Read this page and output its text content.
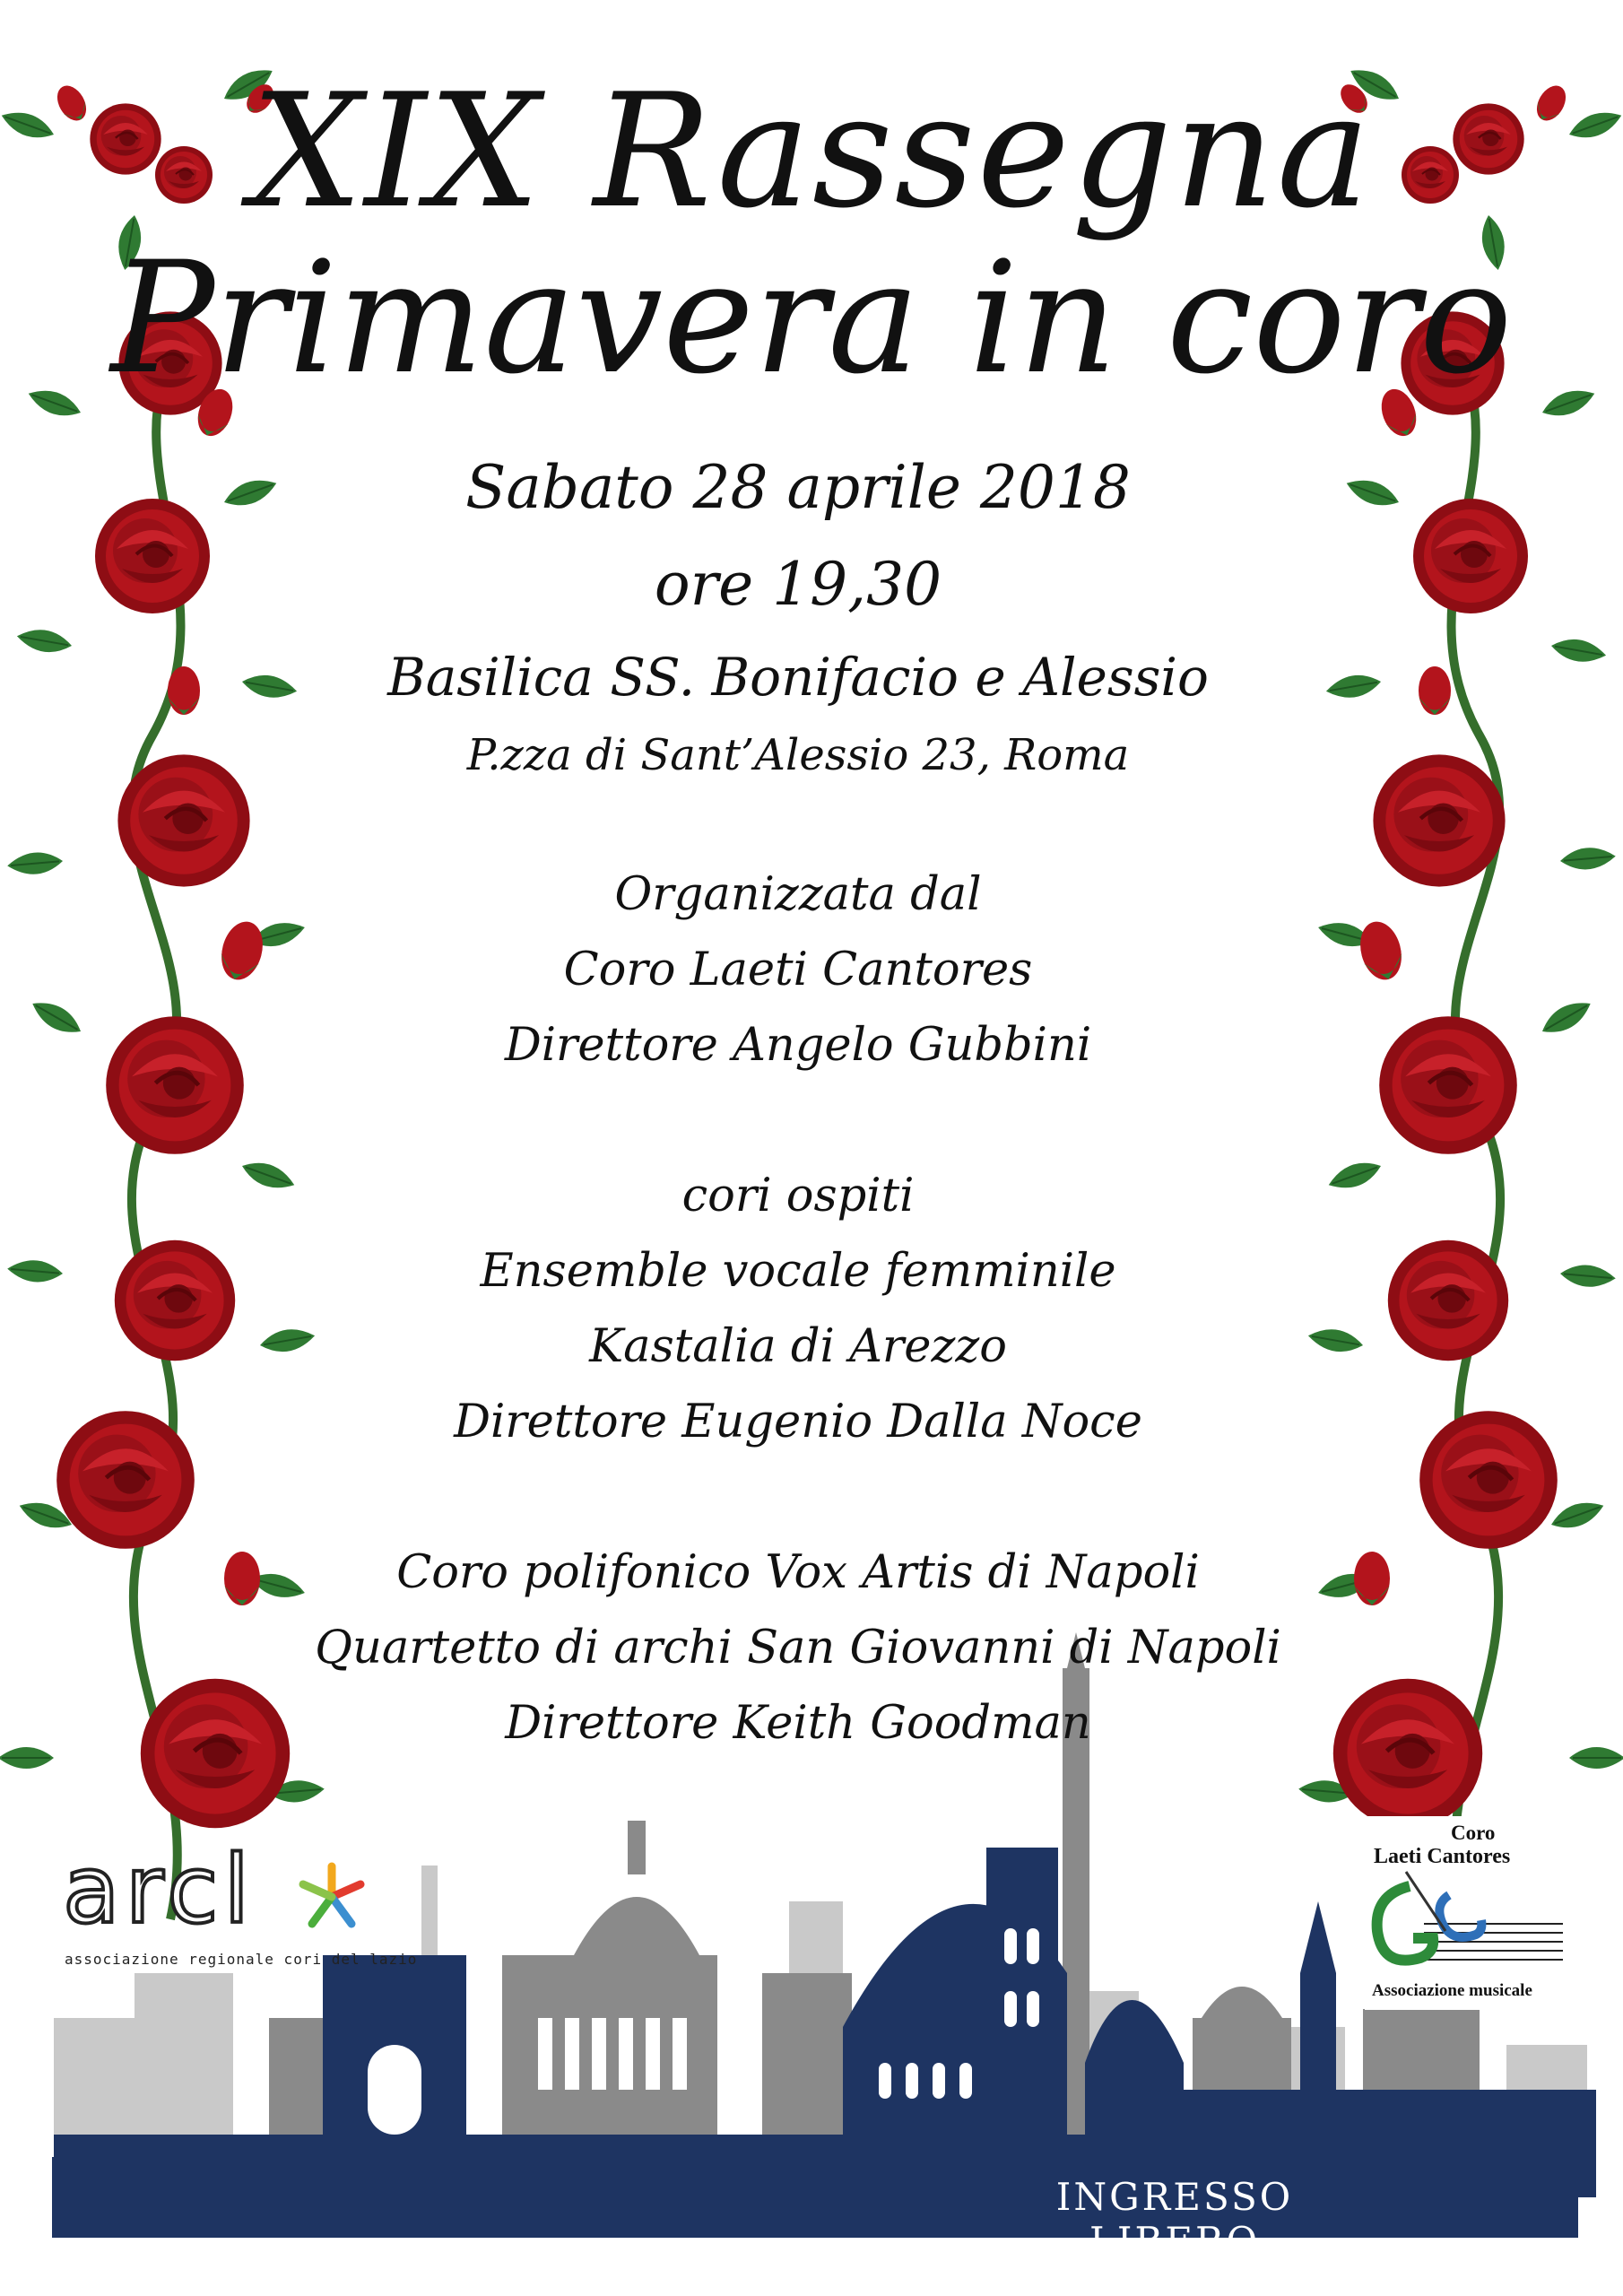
XIX Rassegna
Primavera in coro
Sabato 28 aprile 2018
ore 19,30
Basilica SS. Bonifacio e Alessio
P.zza di Sant’Alessio 23, Roma
Organizzata dal
Coro Laeti Cantores
Direttore Angelo Gubbini
cori ospiti
Ensemble vocale femminile
Kastalia di Arezzo
Direttore Eugenio Dalla Noce
Coro polifonico Vox Artis di Napoli
Quartetto di archi San Giovanni di Napoli
Direttore Keith Goodman
arcl
associazione regionale cori del lazio
Coro
Laeti Cantores
Associazione musicale
INGRESSO LIBERO
